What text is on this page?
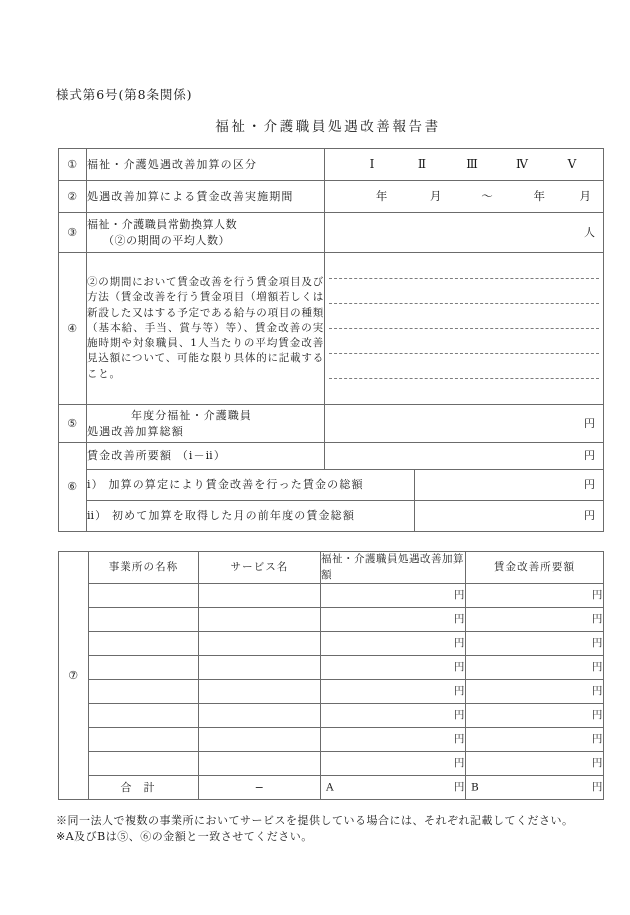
様式第6号(第8条関係)
福祉・介護職員処遇改善報告書
①	福祉・介護処遇改善加算の区分	Ⅰ Ⅱ Ⅲ Ⅳ Ⅴ	

②	処遇改善加算による賃金改善実施期間	年 月 〜 年 月	

③	福祉・介護職員常勤換算人数
（②の期間の平均人数）	人	

④	②の期間において賃金改善を行う賃金項目及び方法（賃金改善を行う賃金項目（増額若しくは新設した又はする予定である給与の項目の種類（基本給、手当、賞与等）等）、賃金改善の実施時期や対象職員、1人当たりの平均賃金改善見込額について、可能な限り具体的に記載すること。		

⑤	年度分福祉・介護職員
処遇改善加算総額	円	

⑥	賃金改善所要額 （ⅰ－ⅱ）	円	

	ⅰ） 加算の算定により賃金改善を行った賃金の総額		円

	ⅱ） 初めて加算を取得した月の前年度の賃金総額		円
⑦	事業所の名称	サービス名	福祉・介護職員処遇改善加算額	賃金改善所要額
			円	円
			円	円
			円	円
			円	円
			円	円
			円	円
			円	円
			円	円
	合計	−	A 円	B 円

※同一法人で複数の事業所においてサービスを提供している場合には、それぞれ記載してください。

※A及びBは⑤、⑥の金額と一致させてください。
